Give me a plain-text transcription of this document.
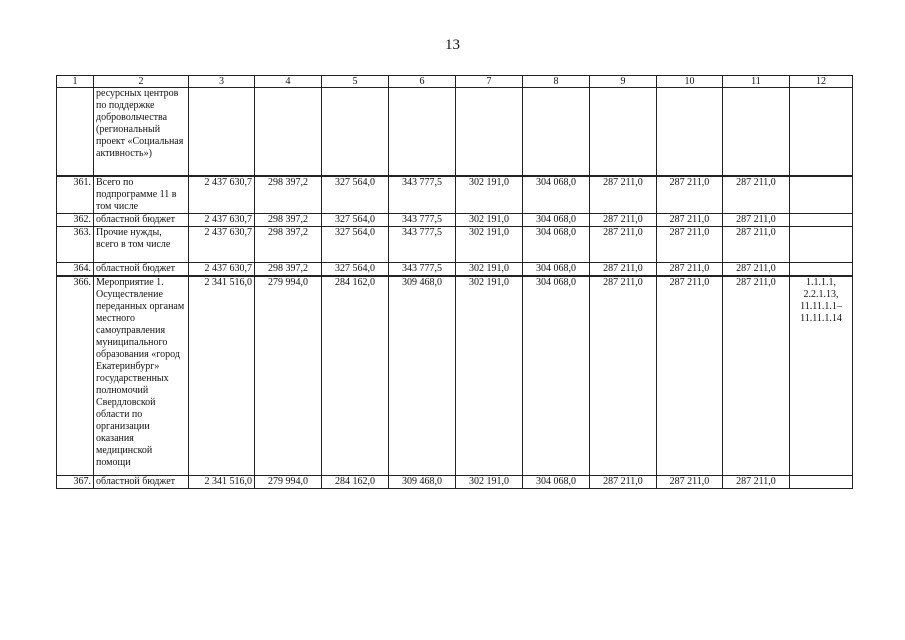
13
1	2	3	4	5	6	7	8	9	10	11	12
	ресурсных центров по поддержке добровольчества (региональный проект «Социальная активность»)										
361.	Всего по подпрограмме 11 в том числе	2 437 630,7	298 397,2	327 564,0	343 777,5	302 191,0	304 068,0	287 211,0	287 211,0	287 211,0	
362.	областной бюджет	2 437 630,7	298 397,2	327 564,0	343 777,5	302 191,0	304 068,0	287 211,0	287 211,0	287 211,0	
363.	Прочие нужды, всего в том числе	2 437 630,7	298 397,2	327 564,0	343 777,5	302 191,0	304 068,0	287 211,0	287 211,0	287 211,0	
364.	областной бюджет	2 437 630,7	298 397,2	327 564,0	343 777,5	302 191,0	304 068,0	287 211,0	287 211,0	287 211,0	
366.	Мероприятие 1. Осуществление переданных органам местного самоуправления муниципального образования «город Екатеринбург» государственных полномочий Свердловской области по организации оказания медицинской помощи	2 341 516,0	279 994,0	284 162,0	309 468,0	302 191,0	304 068,0	287 211,0	287 211,0	287 211,0	1.1.1.1, 2.2.1.13, 11.11.1.1– 11.11.1.14
367.	областной бюджет	2 341 516,0	279 994,0	284 162,0	309 468,0	302 191,0	304 068,0	287 211,0	287 211,0	287 211,0	
